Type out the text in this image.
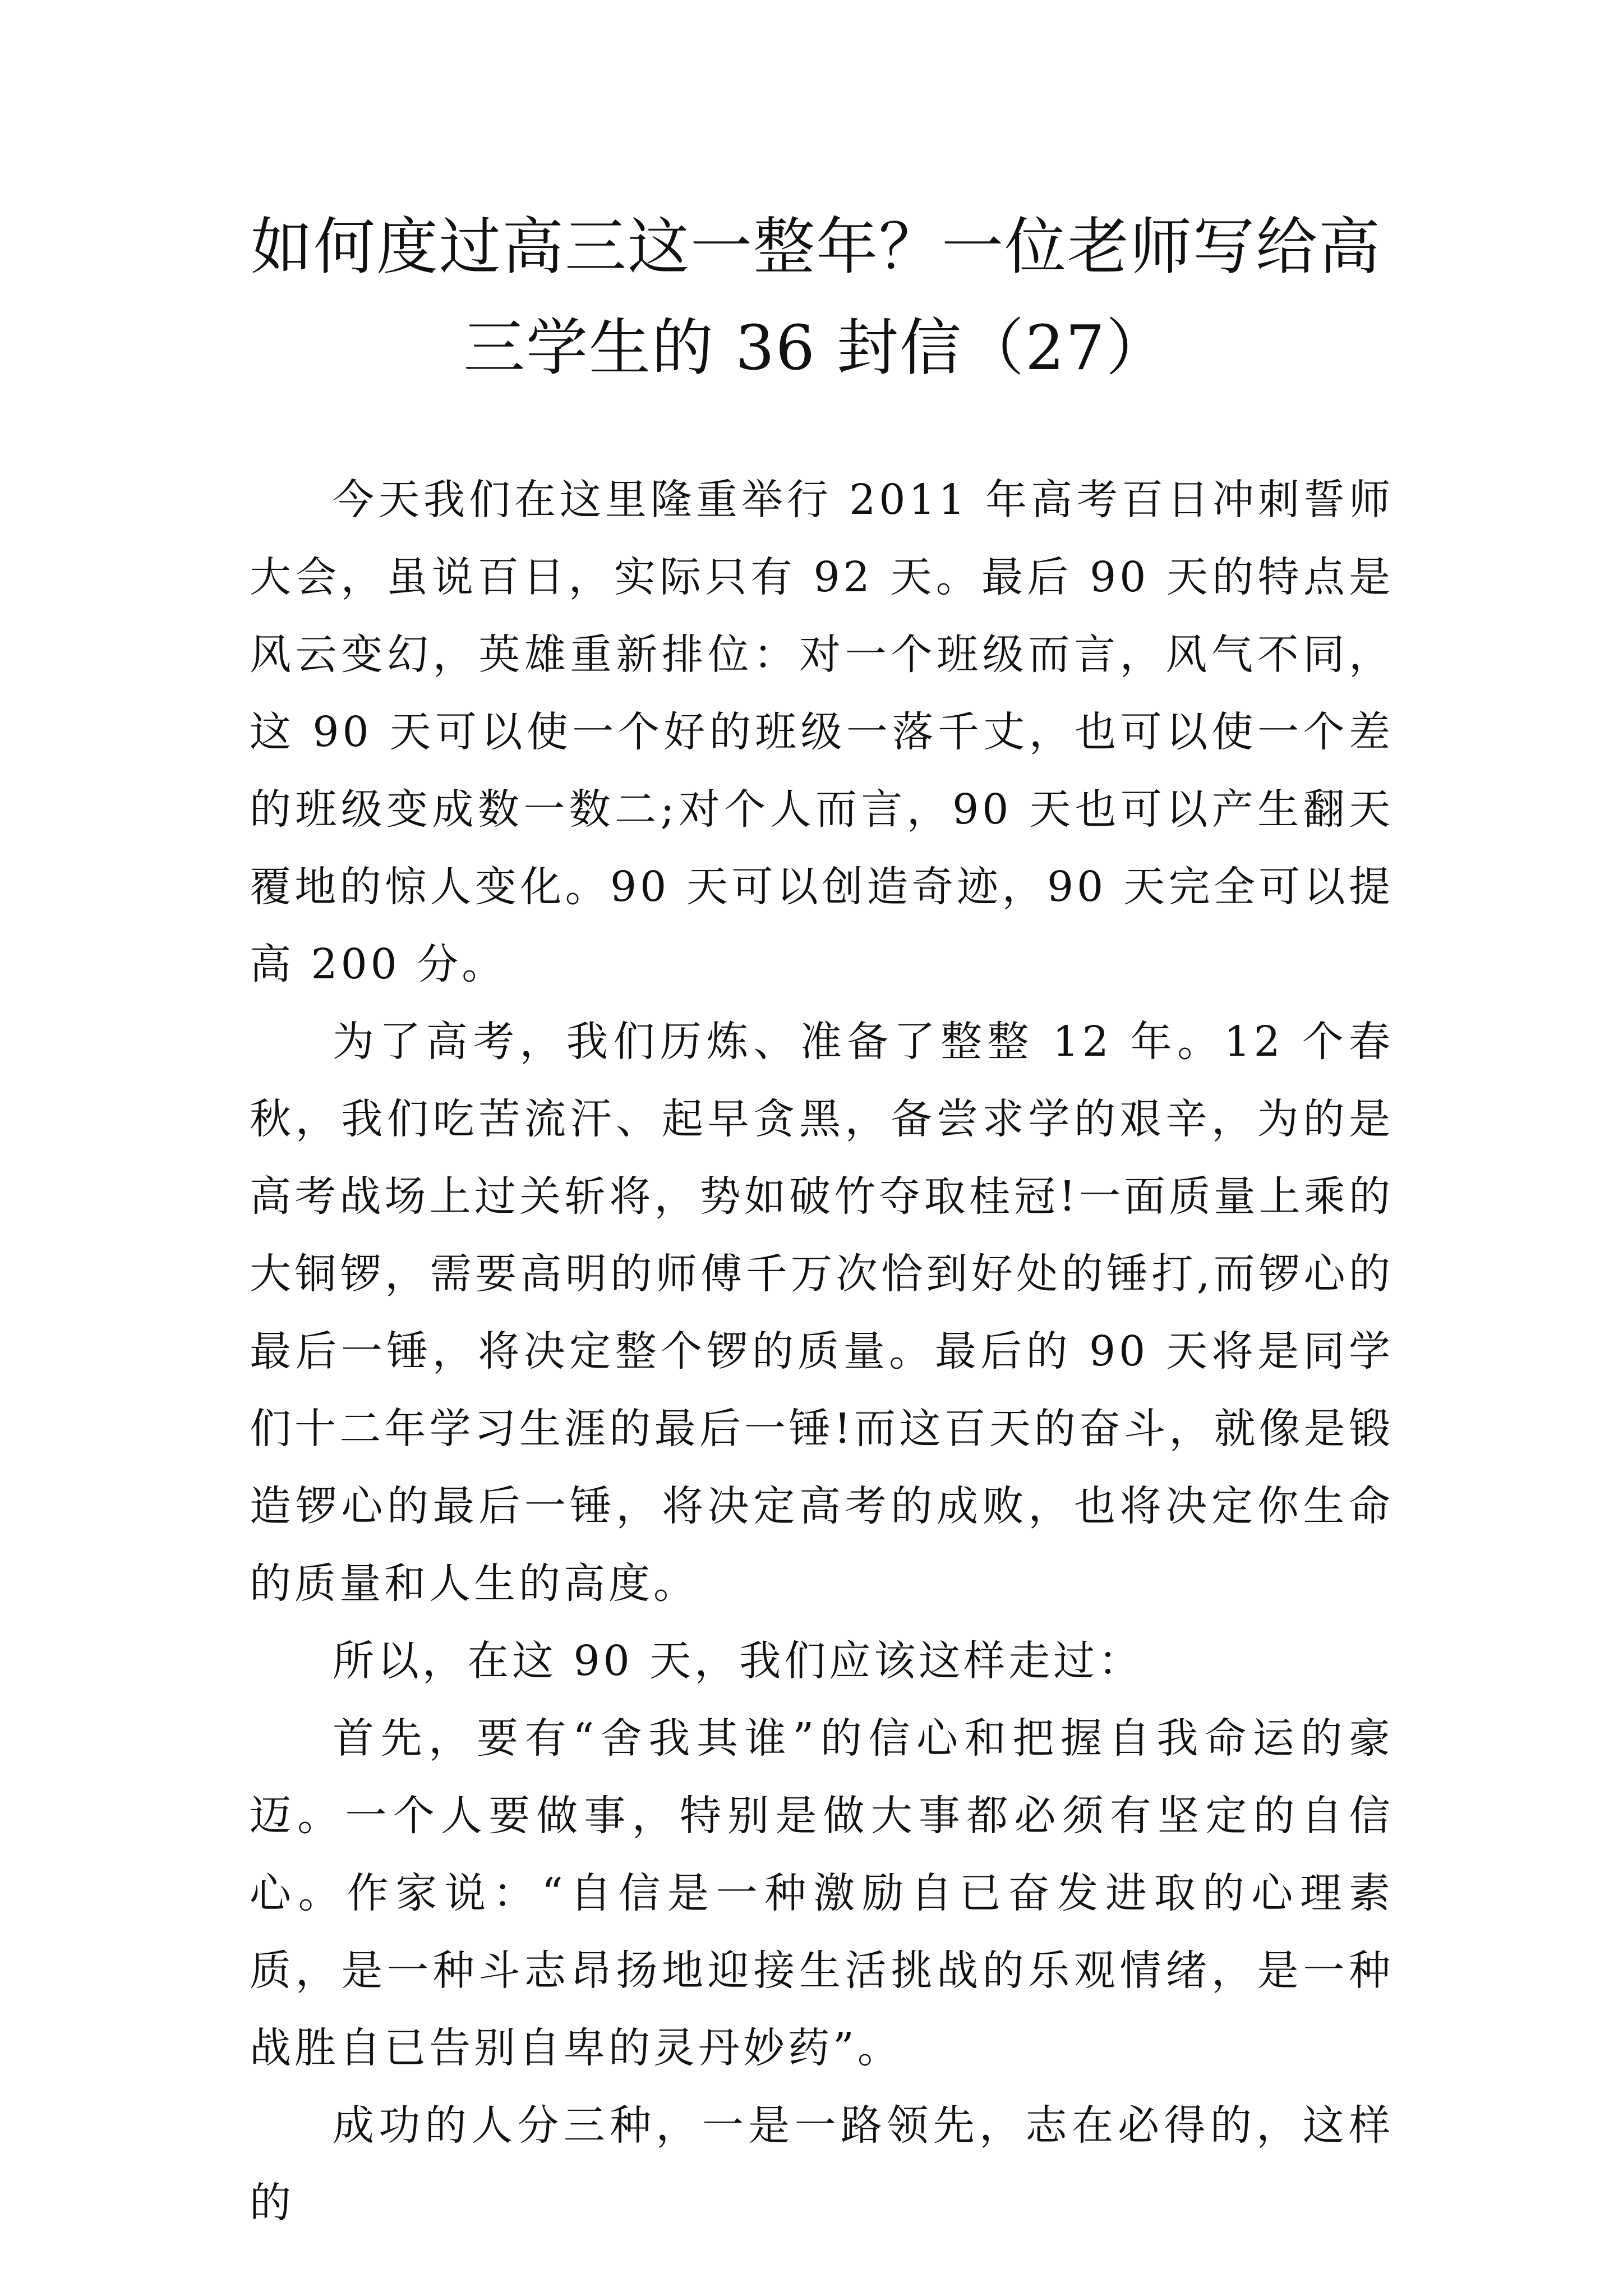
如何度过高三这一整年？一位老师写给高
三学生的 36 封信（27）

今天我们在这里隆重举行 2011 年高考百日冲刺誓师大会，虽说百日，实际只有 92 天。最后 90 天的特点是风云变幻，英雄重新排位：对一个班级而言，风气不同，这 90 天可以使一个好的班级一落千丈，也可以使一个差的班级变成数一数二;对个人而言，90 天也可以产生翻天覆地的惊人变化。90 天可以创造奇迹，90 天完全可以提高 200 分。

为了高考，我们历炼、准备了整整 12 年。12 个春秋，我们吃苦流汗、起早贪黑，备尝求学的艰辛，为的是高考战场上过关斩将，势如破竹夺取桂冠!一面质量上乘的大铜锣，需要高明的师傅千万次恰到好处的锤打,而锣心的最后一锤，将决定整个锣的质量。最后的 90 天将是同学们十二年学习生涯的最后一锤!而这百天的奋斗，就像是锻造锣心的最后一锤，将决定高考的成败，也将决定你生命的质量和人生的高度。

所以，在这 90 天，我们应该这样走过：

首先，要有“舍我其谁”的信心和把握自我命运的豪迈。一个人要做事，特别是做大事都必须有坚定的自信心。作家说：“自信是一种激励自已奋发进取的心理素质，是一种斗志昂扬地迎接生活挑战的乐观情绪，是一种战胜自已告别自卑的灵丹妙药”。

成功的人分三种，一是一路领先，志在必得的，这样的
